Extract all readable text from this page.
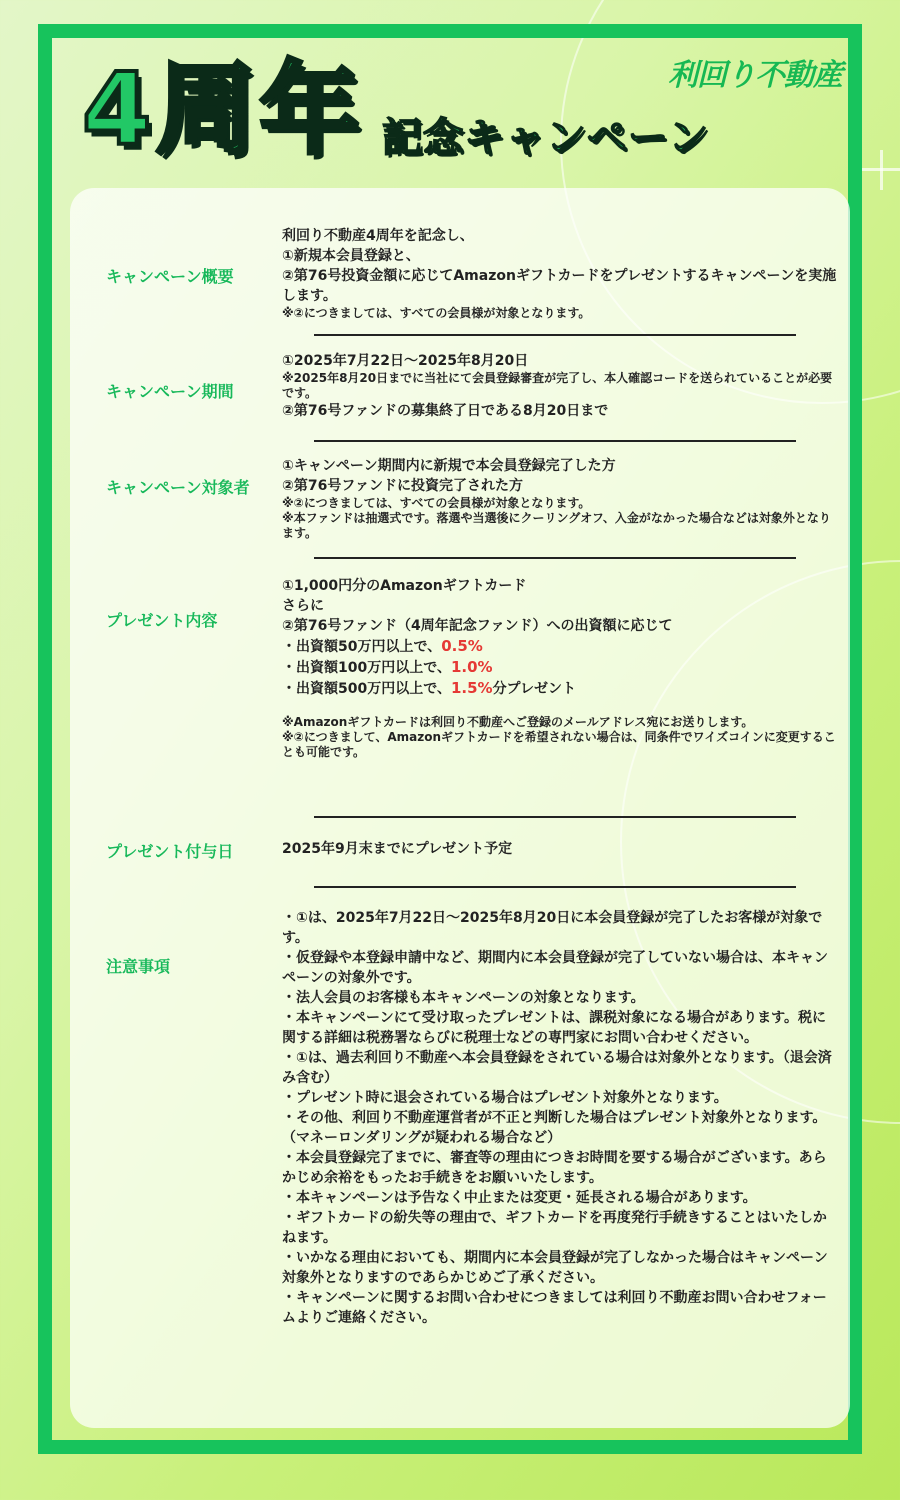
利回り不動産
4周年 記念キャンペーン
キャンペーン概要
利回り不動産4周年を記念し、
①新規本会員登録と、
②第76号投資金額に応じてAmazonギフトカードをプレゼントするキャンペーンを実施します。
※②につきましては、すべての会員様が対象となります。
キャンペーン期間
①2025年7月22日～2025年8月20日
※2025年8月20日までに当社にて会員登録審査が完了し、本人確認コードを送られていることが必要です。
②第76号ファンドの募集終了日である8月20日まで
キャンペーン対象者
①キャンペーン期間内に新規で本会員登録完了した方
②第76号ファンドに投資完了された方
※②につきましては、すべての会員様が対象となります。
※本ファンドは抽選式です。落選や当選後にクーリングオフ、入金がなかった場合などは対象外となります。
プレゼント内容
①1,000円分のAmazonギフトカード
さらに
②第76号ファンド（4周年記念ファンド）への出資額に応じて
・出資額50万円以上で、0.5%
・出資額100万円以上で、1.0%
・出資額500万円以上で、1.5%分プレゼント
※Amazonギフトカードは利回り不動産へご登録のメールアドレス宛にお送りします。
※②につきまして、Amazonギフトカードを希望されない場合は、同条件でワイズコインに変更することも可能です。
プレゼント付与日	2025年9月末までにプレゼント予定
注意事項
・①は、2025年7月22日～2025年8月20日に本会員登録が完了したお客様が対象です。
・仮登録や本登録申請中など、期間内に本会員登録が完了していない場合は、本キャンペーンの対象外です。
・法人会員のお客様も本キャンペーンの対象となります。
・本キャンペーンにて受け取ったプレゼントは、課税対象になる場合があります。税に関する詳細は税務署ならびに税理士などの専門家にお問い合わせください。
・①は、過去利回り不動産へ本会員登録をされている場合は対象外となります。（退会済み含む）
・プレゼント時に退会されている場合はプレゼント対象外となります。
・その他、利回り不動産運営者が不正と判断した場合はプレゼント対象外となります。（マネーロンダリングが疑われる場合など）
・本会員登録完了までに、審査等の理由につきお時間を要する場合がございます。あらかじめ余裕をもったお手続きをお願いいたします。
・本キャンペーンは予告なく中止または変更・延長される場合があります。
・ギフトカードの紛失等の理由で、ギフトカードを再度発行手続きすることはいたしかねます。
・いかなる理由においても、期間内に本会員登録が完了しなかった場合はキャンペーン対象外となりますのであらかじめご了承ください。
・キャンペーンに関するお問い合わせにつきましては利回り不動産お問い合わせフォームよりご連絡ください。
